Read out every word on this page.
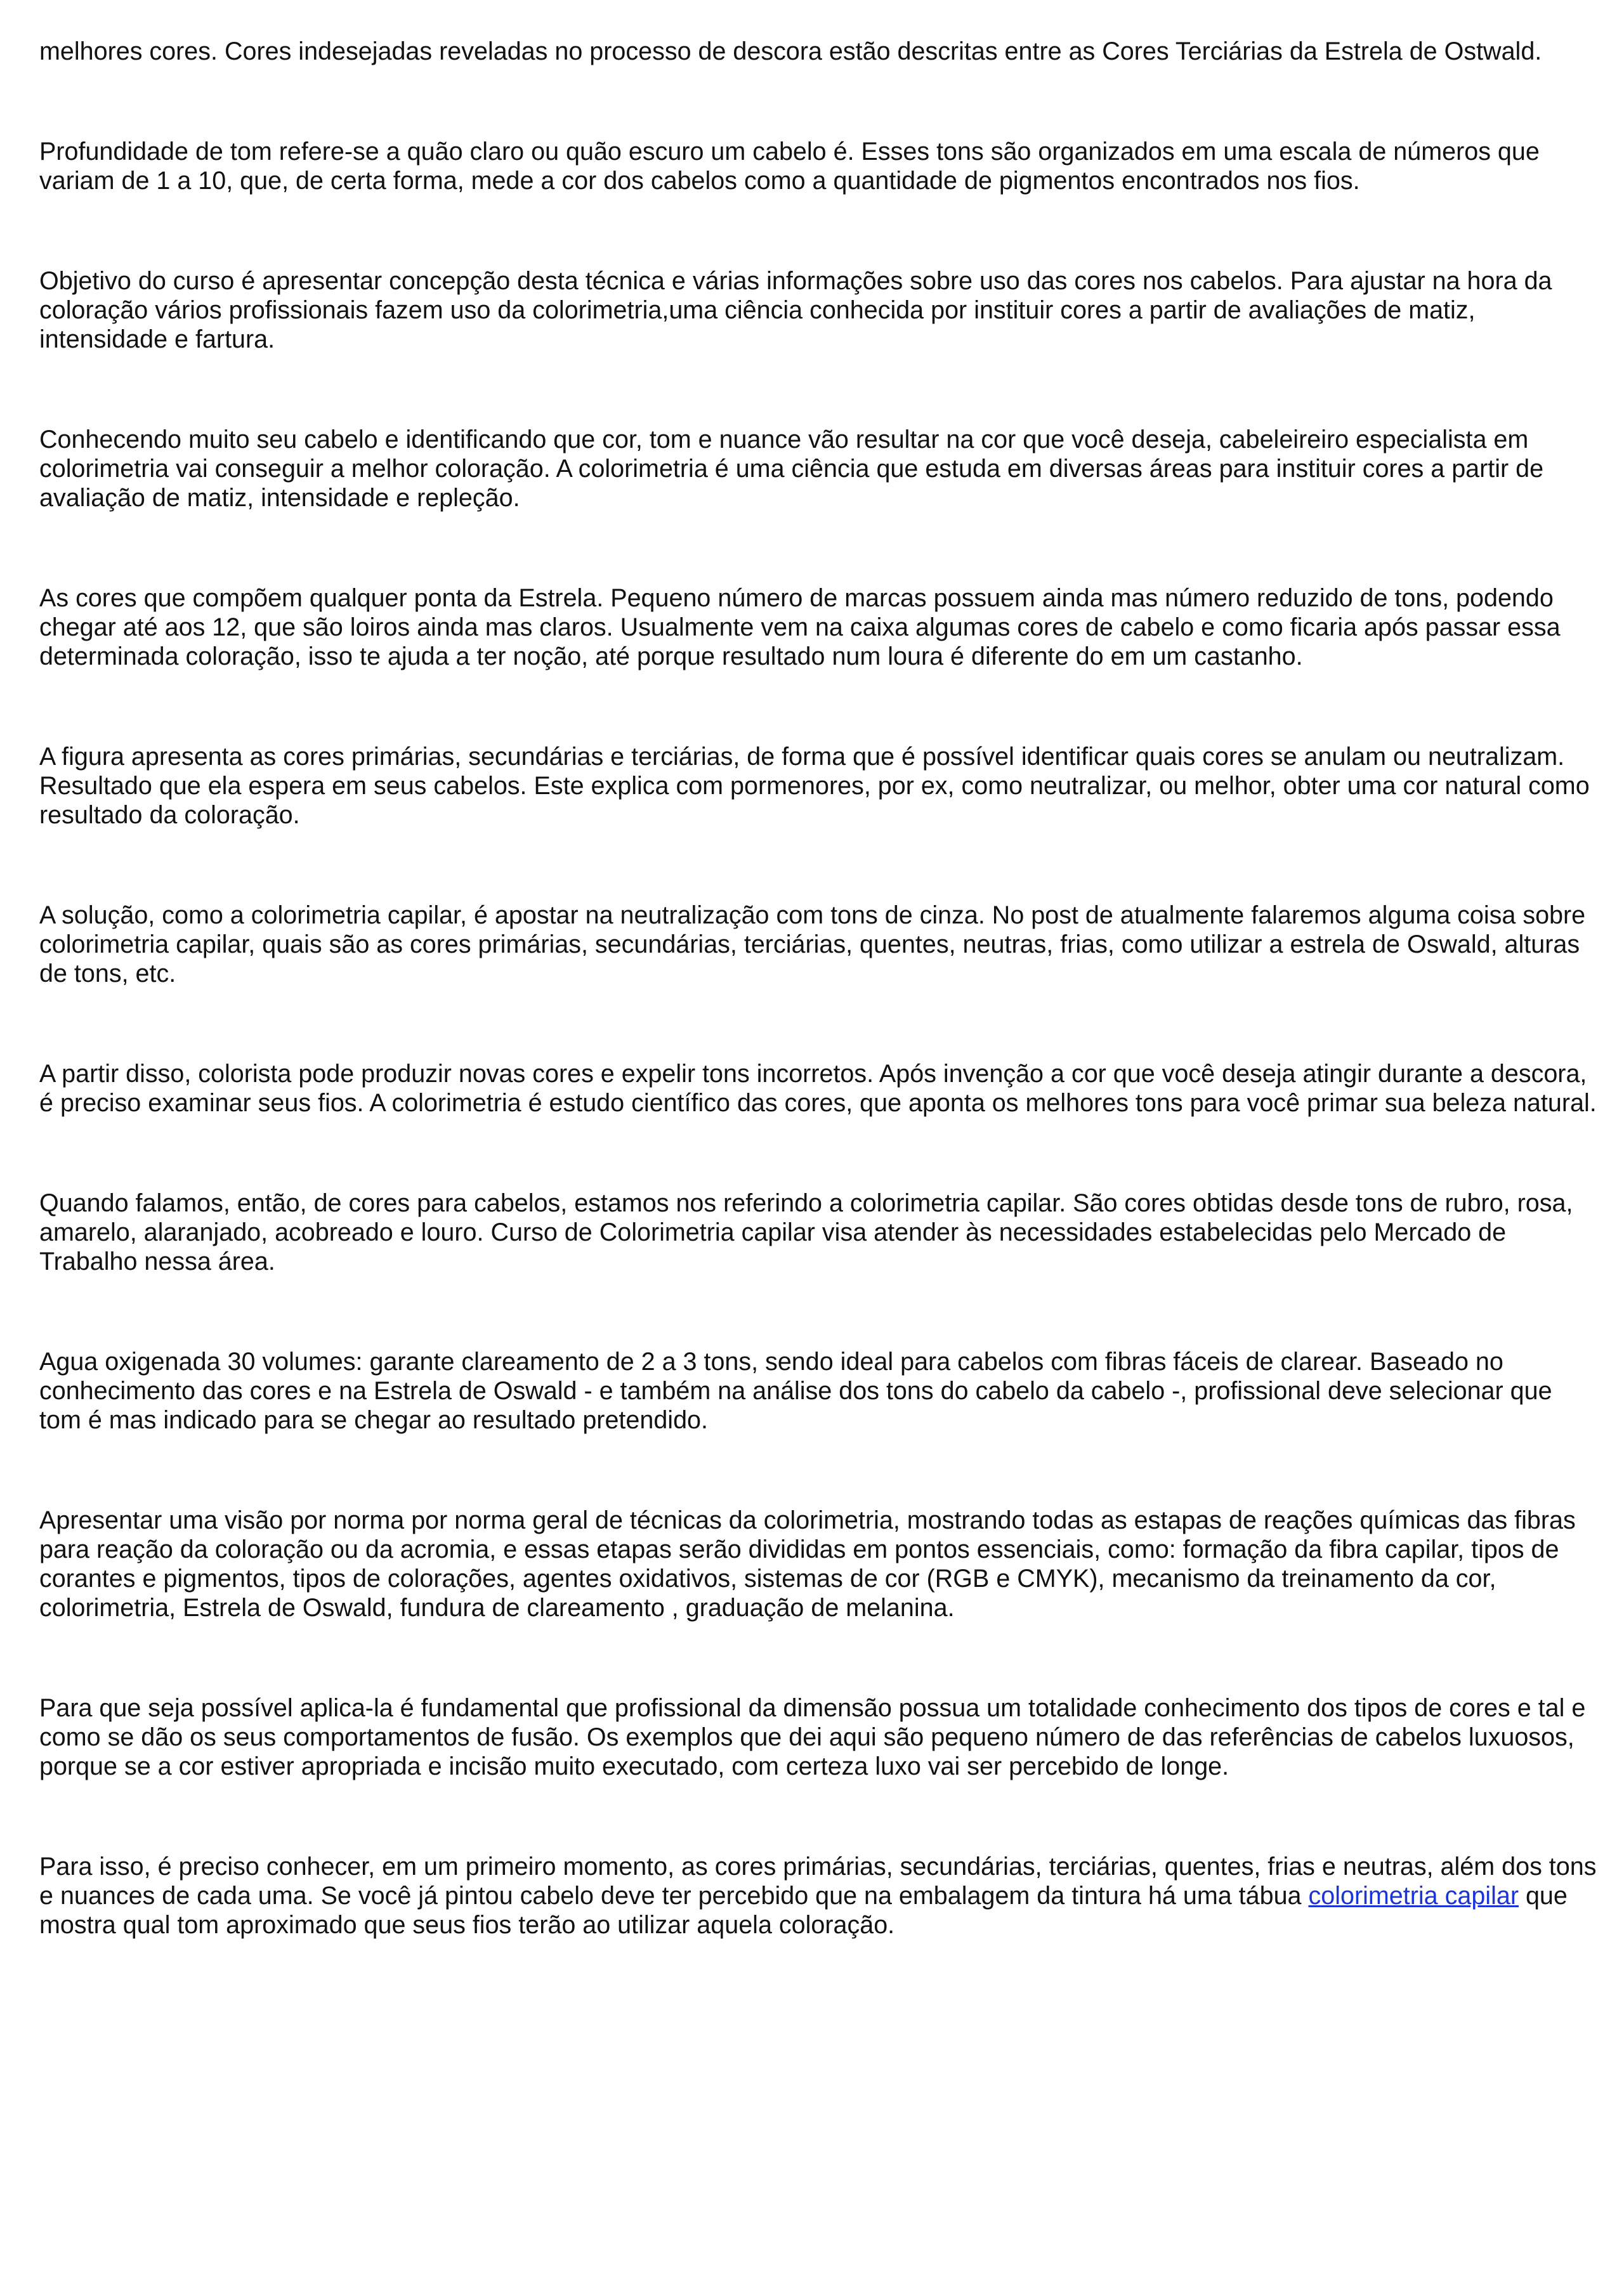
melhores cores. Cores indesejadas reveladas no processo de descora estão descritas entre as Cores Terciárias da Estrela de Ostwald.

Profundidade de tom refere-se a quão claro ou quão escuro um cabelo é. Esses tons são organizados em uma escala de números que variam de 1 a 10, que, de certa forma, mede a cor dos cabelos como a quantidade de pigmentos encontrados nos fios.

Objetivo do curso é apresentar concepção desta técnica e várias informações sobre uso das cores nos cabelos. Para ajustar na hora da coloração vários profissionais fazem uso da colorimetria,uma ciência conhecida por instituir cores a partir de avaliações de matiz, intensidade e fartura.

Conhecendo muito seu cabelo e identificando que cor, tom e nuance vão resultar na cor que você deseja, cabeleireiro especialista em colorimetria vai conseguir a melhor coloração. A colorimetria é uma ciência que estuda em diversas áreas para instituir cores a partir de avaliação de matiz, intensidade e repleção.

As cores que compõem qualquer ponta da Estrela. Pequeno número de marcas possuem ainda mas número reduzido de tons, podendo chegar até aos 12, que são loiros ainda mas claros. Usualmente vem na caixa algumas cores de cabelo e como ficaria após passar essa determinada coloração, isso te ajuda a ter noção, até porque resultado num loura é diferente do em um castanho.

A figura apresenta as cores primárias, secundárias e terciárias, de forma que é possível identificar quais cores se anulam ou neutralizam. Resultado que ela espera em seus cabelos. Este explica com pormenores, por ex, como neutralizar, ou melhor, obter uma cor natural como resultado da coloração.

A solução, como a colorimetria capilar, é apostar na neutralização com tons de cinza. No post de atualmente falaremos alguma coisa sobre colorimetria capilar, quais são as cores primárias, secundárias, terciárias, quentes, neutras, frias, como utilizar a estrela de Oswald, alturas de tons, etc.

A partir disso, colorista pode produzir novas cores e expelir tons incorretos. Após invenção a cor que você deseja atingir durante a descora, é preciso examinar seus fios. A colorimetria é estudo científico das cores, que aponta os melhores tons para você primar sua beleza natural.

Quando falamos, então, de cores para cabelos, estamos nos referindo a colorimetria capilar. São cores obtidas desde tons de rubro, rosa, amarelo, alaranjado, acobreado e louro. Curso de Colorimetria capilar visa atender às necessidades estabelecidas pelo Mercado de Trabalho nessa área.

Agua oxigenada 30 volumes: garante clareamento de 2 a 3 tons, sendo ideal para cabelos com fibras fáceis de clarear. Baseado no conhecimento das cores e na Estrela de Oswald - e também na análise dos tons do cabelo da cabelo -, profissional deve selecionar que tom é mas indicado para se chegar ao resultado pretendido.

Apresentar uma visão por norma por norma geral de técnicas da colorimetria, mostrando todas as estapas de reações químicas das fibras para reação da coloração ou da acromia, e essas etapas serão divididas em pontos essenciais, como: formação da fibra capilar, tipos de corantes e pigmentos, tipos de colorações, agentes oxidativos, sistemas de cor (RGB e CMYK), mecanismo da treinamento da cor, colorimetria, Estrela de Oswald, fundura de clareamento , graduação de melanina.

Para que seja possível aplica-la é fundamental que profissional da dimensão possua um totalidade conhecimento dos tipos de cores e tal e como se dão os seus comportamentos de fusão. Os exemplos que dei aqui são pequeno número de das referências de cabelos luxuosos, porque se a cor estiver apropriada e incisão muito executado, com certeza luxo vai ser percebido de longe.

Para isso, é preciso conhecer, em um primeiro momento, as cores primárias, secundárias, terciárias, quentes, frias e neutras, além dos tons e nuances de cada uma. Se você já pintou cabelo deve ter percebido que na embalagem da tintura há uma tábua colorimetria capilar que mostra qual tom aproximado que seus fios terão ao utilizar aquela coloração.
